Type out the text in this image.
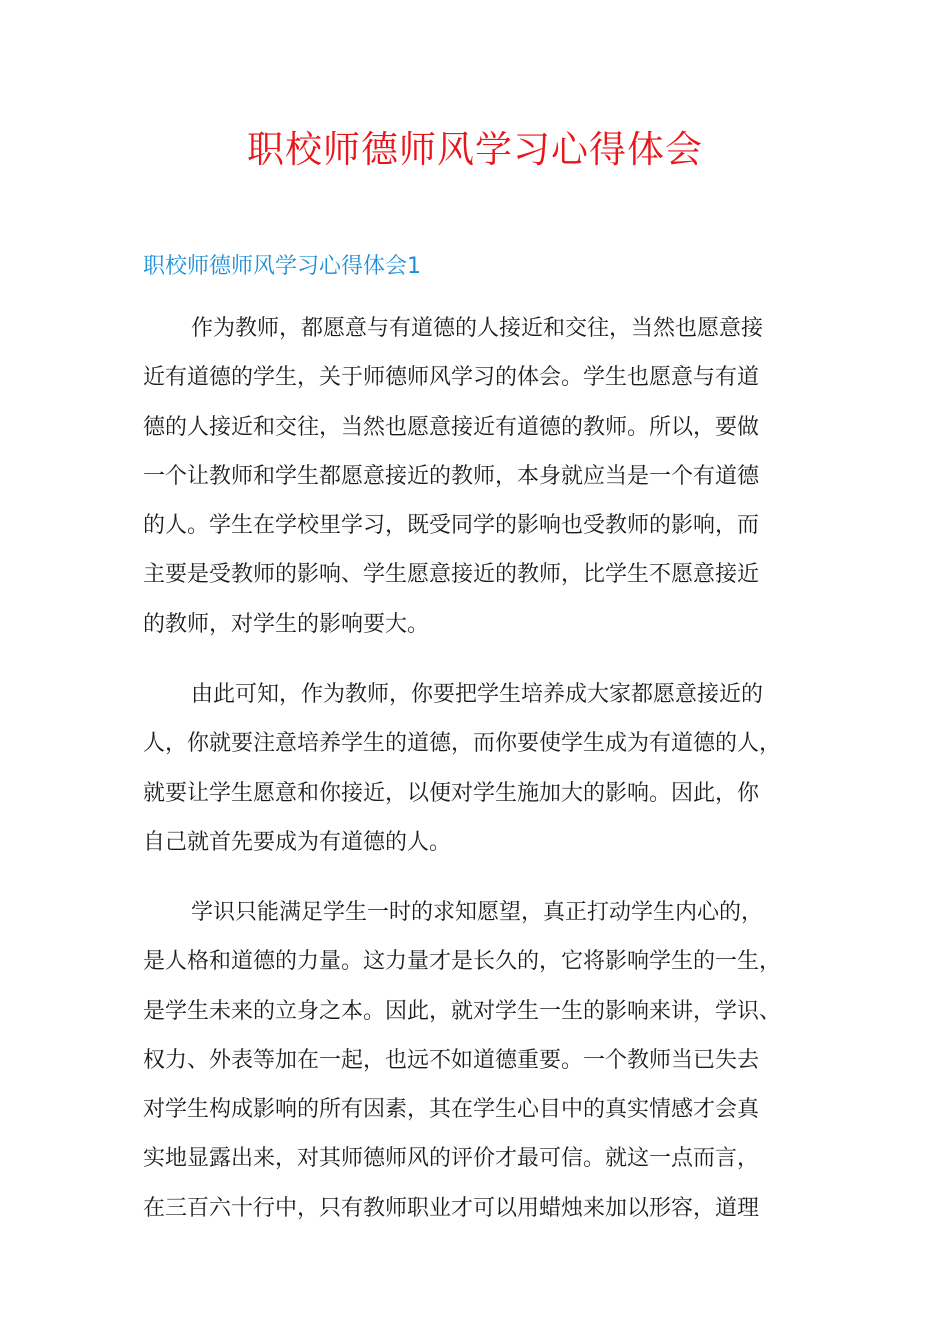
职校师德师风学习心得体会
职校师德师风学习心得体会1
作为教师，都愿意与有道德的人接近和交往，当然也愿意接
近有道德的学生，关于师德师风学习的体会。学生也愿意与有道
德的人接近和交往，当然也愿意接近有道德的教师。所以，要做
一个让教师和学生都愿意接近的教师，本身就应当是一个有道德
的人。学生在学校里学习，既受同学的影响也受教师的影响，而
主要是受教师的影响、学生愿意接近的教师，比学生不愿意接近
的教师，对学生的影响要大。
由此可知，作为教师，你要把学生培养成大家都愿意接近的
人，你就要注意培养学生的道德，而你要使学生成为有道德的人，
就要让学生愿意和你接近，以便对学生施加大的影响。因此，你
自己就首先要成为有道德的人。
学识只能满足学生一时的求知愿望，真正打动学生内心的，
是人格和道德的力量。这力量才是长久的，它将影响学生的一生，
是学生未来的立身之本。因此，就对学生一生的影响来讲，学识、
权力、外表等加在一起，也远不如道德重要。一个教师当已失去
对学生构成影响的所有因素，其在学生心目中的真实情感才会真
实地显露出来，对其师德师风的评价才最可信。就这一点而言，
在三百六十行中，只有教师职业才可以用蜡烛来加以形容，道理
